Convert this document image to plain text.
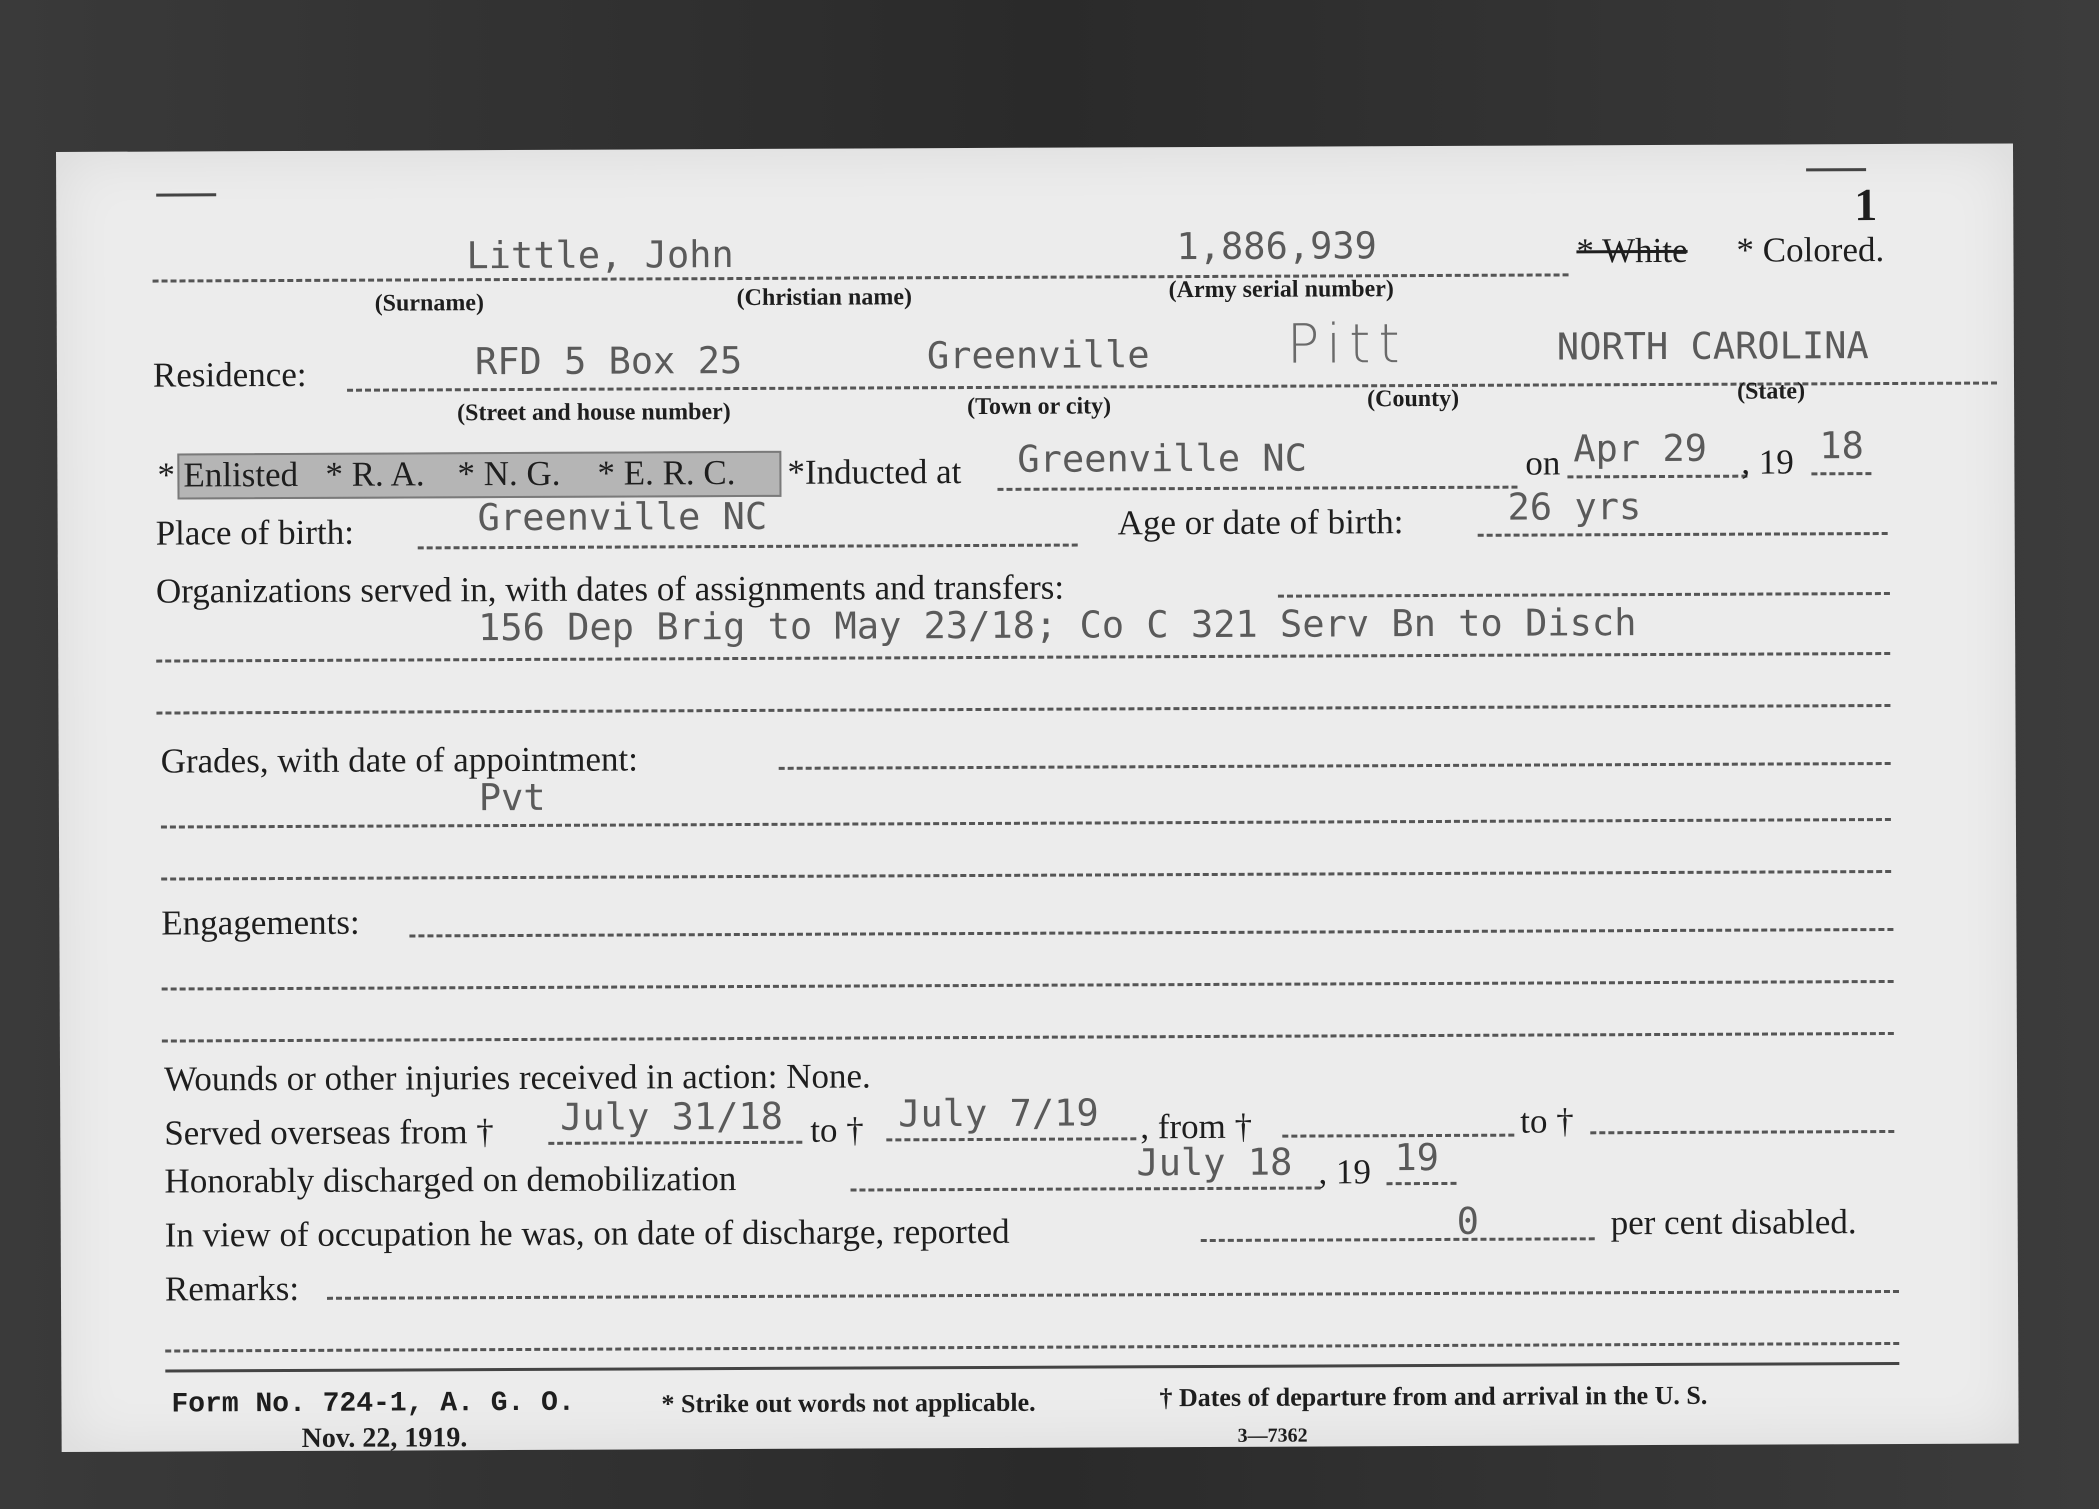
1
Little, John	1,886,939	* White * Colored.
(Surname)	(Christian name)	(Army serial number)
Residence:	RFD 5 Box 25	Greenville	Pitt	NORTH CAROLINA
(Street and house number)	(Town or city)	(County)	(State)
* Enlisted * R. A. * N. G. * E. R. C. *Inducted at Greenville NC	on Apr 29 , 19 18
Place of birth:	Greenville NC	Age or date of birth:	26 yrs
Organizations served in, with dates of assignments and transfers:
156 Dep Brig to May 23/18; Co C 321 Serv Bn to Disch
Grades, with date of appointment:
Pvt
Engagements:
Wounds or other injuries received in action: None.
Served overseas from † July 31/18 to † July 7/19 , from †	to †
Honorably discharged on demobilization	July 18 , 19 19
In view of occupation he was, on date of discharge, reported	0	per cent disabled.
Remarks:
Form No. 724-1, A. G. O.
Nov. 22, 1919.
* Strike out words not applicable.	† Dates of departure from and arrival in the U. S.
3—7362
